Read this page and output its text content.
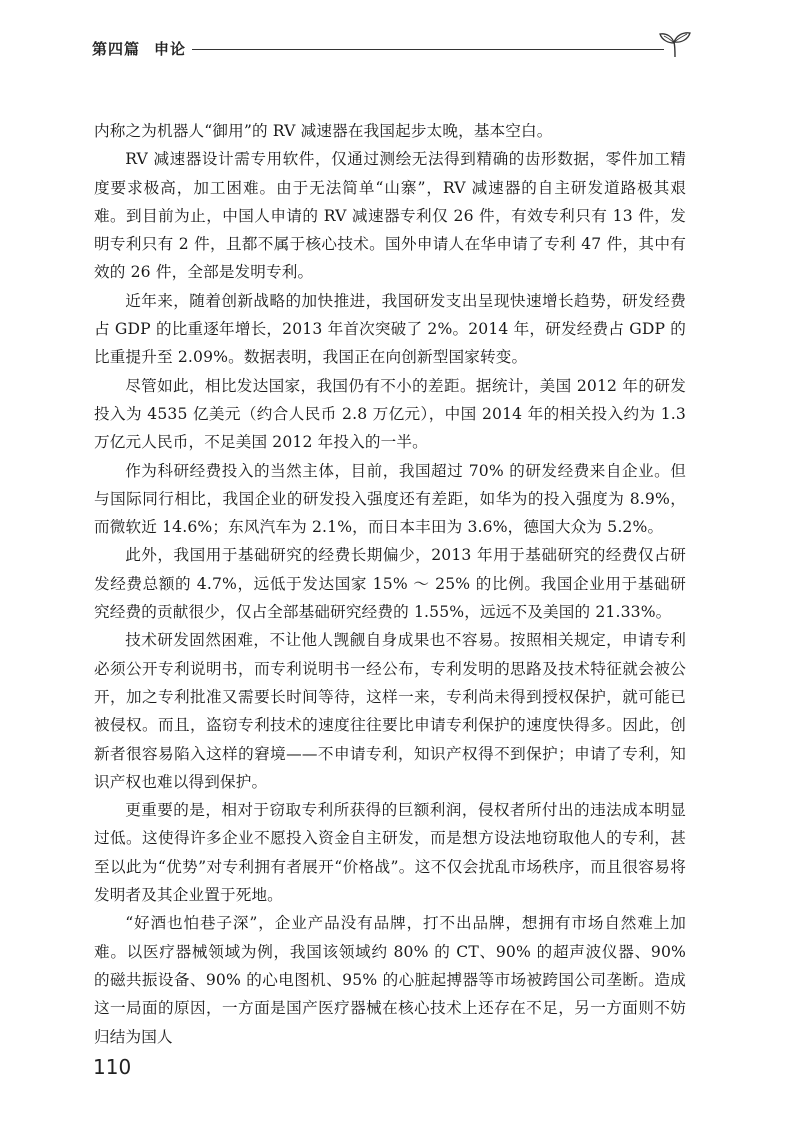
第四篇 申论

内称之为机器人“御用”的 RV 减速器在我国起步太晚，基本空白。

RV 减速器设计需专用软件，仅通过测绘无法得到精确的齿形数据，零件加工精度要求极高，加工困难。由于无法简单“山寨”，RV 减速器的自主研发道路极其艰难。到目前为止，中国人申请的 RV 减速器专利仅 26 件，有效专利只有 13 件，发明专利只有 2 件，且都不属于核心技术。国外申请人在华申请了专利 47 件，其中有效的 26 件，全部是发明专利。

近年来，随着创新战略的加快推进，我国研发支出呈现快速增长趋势，研发经费占 GDP 的比重逐年增长，2013 年首次突破了 2%。2014 年，研发经费占 GDP 的比重提升至 2.09%。数据表明，我国正在向创新型国家转变。

尽管如此，相比发达国家，我国仍有不小的差距。据统计，美国 2012 年的研发投入为 4535 亿美元（约合人民币 2.8 万亿元），中国 2014 年的相关投入约为 1.3 万亿元人民币，不足美国 2012 年投入的一半。

作为科研经费投入的当然主体，目前，我国超过 70% 的研发经费来自企业。但与国际同行相比，我国企业的研发投入强度还有差距，如华为的投入强度为 8.9%，而微软近 14.6%；东风汽车为 2.1%，而日本丰田为 3.6%，德国大众为 5.2%。

此外，我国用于基础研究的经费长期偏少，2013 年用于基础研究的经费仅占研发经费总额的 4.7%，远低于发达国家 15% ～ 25% 的比例。我国企业用于基础研究经费的贡献很少，仅占全部基础研究经费的 1.55%，远远不及美国的 21.33%。

技术研发固然困难，不让他人觊觎自身成果也不容易。按照相关规定，申请专利必须公开专利说明书，而专利说明书一经公布，专利发明的思路及技术特征就会被公开，加之专利批准又需要长时间等待，这样一来，专利尚未得到授权保护，就可能已被侵权。而且，盗窃专利技术的速度往往要比申请专利保护的速度快得多。因此，创新者很容易陷入这样的窘境——不申请专利，知识产权得不到保护；申请了专利，知识产权也难以得到保护。

更重要的是，相对于窃取专利所获得的巨额利润，侵权者所付出的违法成本明显过低。这使得许多企业不愿投入资金自主研发，而是想方设法地窃取他人的专利，甚至以此为“优势”对专利拥有者展开“价格战”。这不仅会扰乱市场秩序，而且很容易将发明者及其企业置于死地。

“好酒也怕巷子深”，企业产品没有品牌，打不出品牌，想拥有市场自然难上加难。以医疗器械领域为例，我国该领域约 80% 的 CT、90% 的超声波仪器、90% 的磁共振设备、90% 的心电图机、95% 的心脏起搏器等市场被跨国公司垄断。造成这一局面的原因，一方面是国产医疗器械在核心技术上还存在不足，另一方面则不妨归结为国人

110
